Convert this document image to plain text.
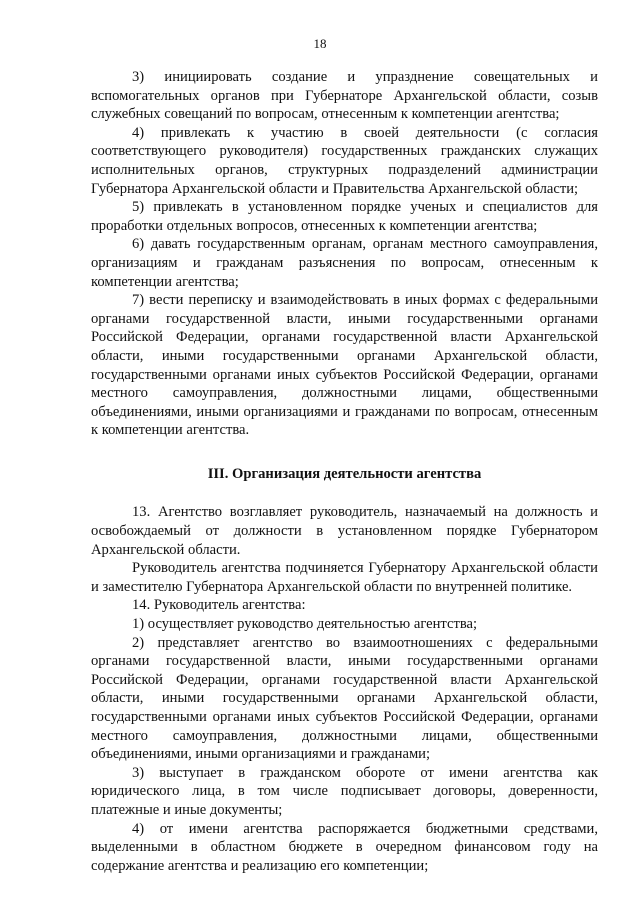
18

3) инициировать создание и упразднение совещательных и вспомогательных органов при Губернаторе Архангельской области, созыв служебных совещаний по вопросам, отнесенным к компетенции агентства;

4) привлекать к участию в своей деятельности (с согласия соответствующего руководителя) государственных гражданских служащих исполнительных органов, структурных подразделений администрации Губернатора Архангельской области и Правительства Архангельской области;

5) привлекать в установленном порядке ученых и специалистов для проработки отдельных вопросов, отнесенных к компетенции агентства;

6) давать государственным органам, органам местного самоуправления, организациям и гражданам разъяснения по вопросам, отнесенным к компетенции агентства;

7) вести переписку и взаимодействовать в иных формах с федеральными органами государственной власти, иными государственными органами Российской Федерации, органами государственной власти Архангельской области, иными государственными органами Архангельской области, государственными органами иных субъектов Российской Федерации, органами местного самоуправления, должностными лицами, общественными объединениями, иными организациями и гражданами по вопросам, отнесенным к компетенции агентства.

III. Организация деятельности агентства

13. Агентство возглавляет руководитель, назначаемый на должность и освобождаемый от должности в установленном порядке Губернатором Архангельской области.

Руководитель агентства подчиняется Губернатору Архангельской области и заместителю Губернатора Архангельской области по внутренней политике.

14. Руководитель агентства:

1) осуществляет руководство деятельностью агентства;

2) представляет агентство во взаимоотношениях с федеральными органами государственной власти, иными государственными органами Российской Федерации, органами государственной власти Архангельской области, иными государственными органами Архангельской области, государственными органами иных субъектов Российской Федерации, органами местного самоуправления, должностными лицами, общественными объединениями, иными организациями и гражданами;

3) выступает в гражданском обороте от имени агентства как юридического лица, в том числе подписывает договоры, доверенности, платежные и иные документы;

4) от имени агентства распоряжается бюджетными средствами, выделенными в областном бюджете в очередном финансовом году на содержание агентства и реализацию его компетенции;
